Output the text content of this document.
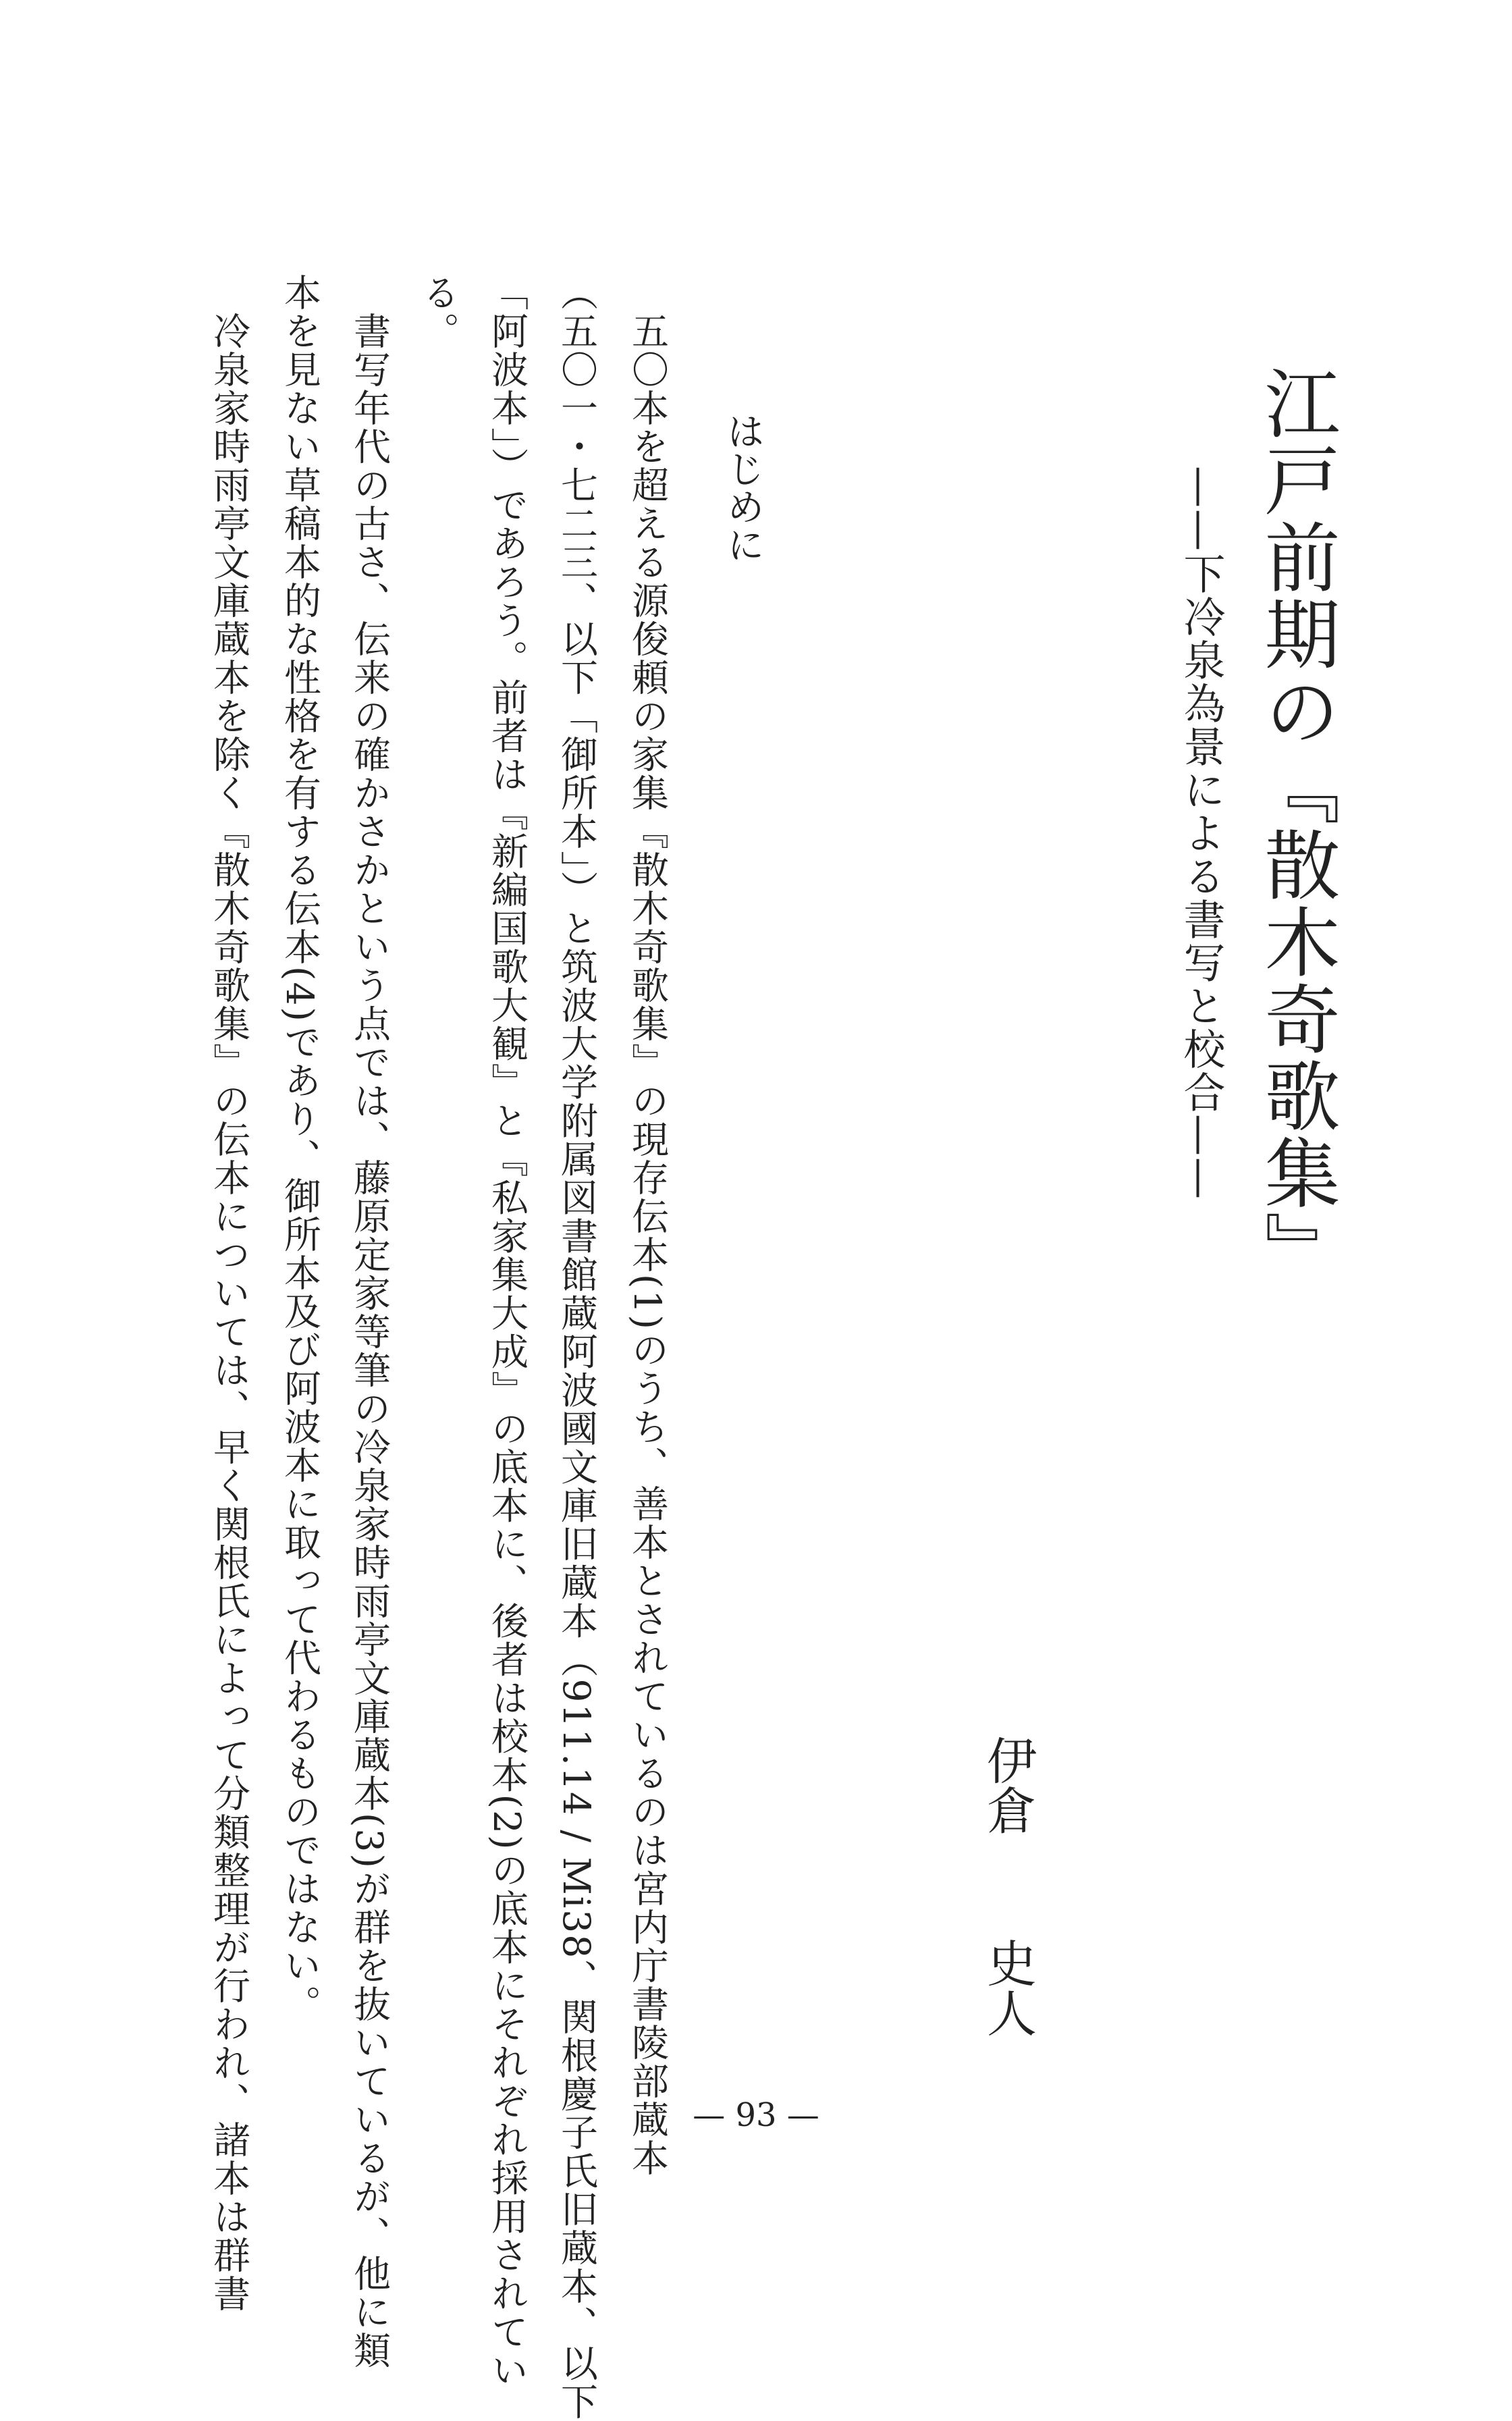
江戸前期の『散木奇歌集』
——下冷泉為景による書写と校合——
伊倉
史人
はじめに
　五〇本を超える源俊頼の家集『散木奇歌集』の現存伝本(1)のうち、善本とされているのは宮内庁書陵部蔵本
（五〇一・七二三、以下「御所本」）と筑波大学附属図書館蔵阿波國文庫旧蔵本（911.14 / Mi38、関根慶子氏旧蔵本、以下
「阿波本」）であろう。前者は『新編国歌大観』と『私家集大成』の底本に、後者は校本(2)の底本にそれぞれ採用されてい
る。
　書写年代の古さ、伝来の確かさかという点では、藤原定家等筆の冷泉家時雨亭文庫蔵本(3)が群を抜いているが、他に類
本を見ない草稿本的な性格を有する伝本(4)であり、御所本及び阿波本に取って代わるものではない。
　冷泉家時雨亭文庫蔵本を除く『散木奇歌集』の伝本については、早く関根氏によって分類整理が行われ、諸本は群書	— 93 —
